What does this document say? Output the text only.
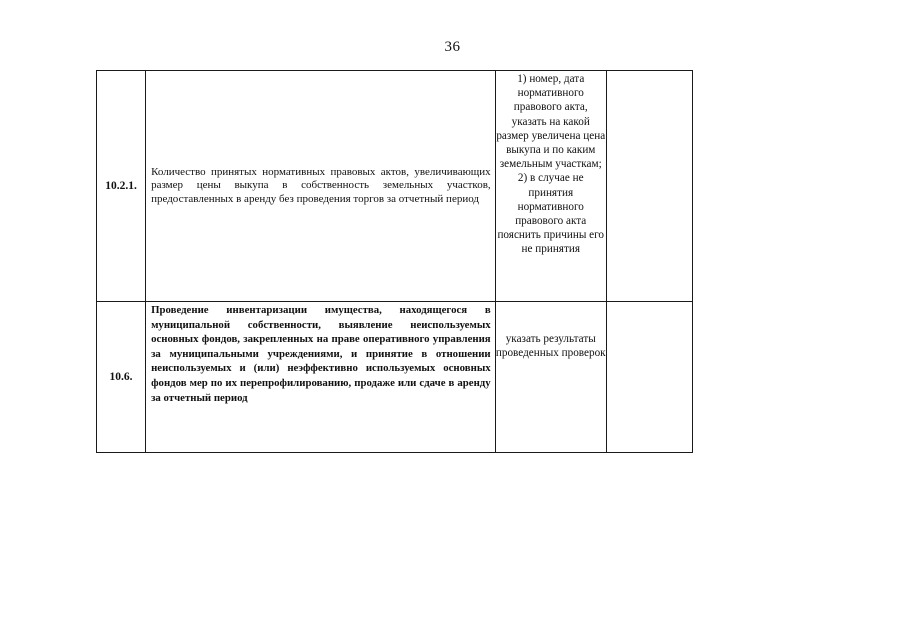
36
10.2.1.	Количество принятых нормативных правовых актов, увеличивающих размер цены выкупа в собственность земельных участков, предоставленных в аренду без проведения торгов за отчетный период	1) номер, дата нормативного правового акта, указать на какой размер увеличена цена выкупа и по каким земельным участкам; 2) в случае не принятия нормативного правового акта пояснить причины его не принятия	
10.6.	Проведение инвентаризации имущества, находящегося в муниципальной собственности, выявление неиспользуемых основных фондов, закрепленных на праве оперативного управления за муниципальными учреждениями, и принятие в отношении неиспользуемых и (или) неэффективно используемых основных фондов мер по их перепрофилированию, продаже или сдаче в аренду за отчетный период	указать результаты проведенных проверок	
